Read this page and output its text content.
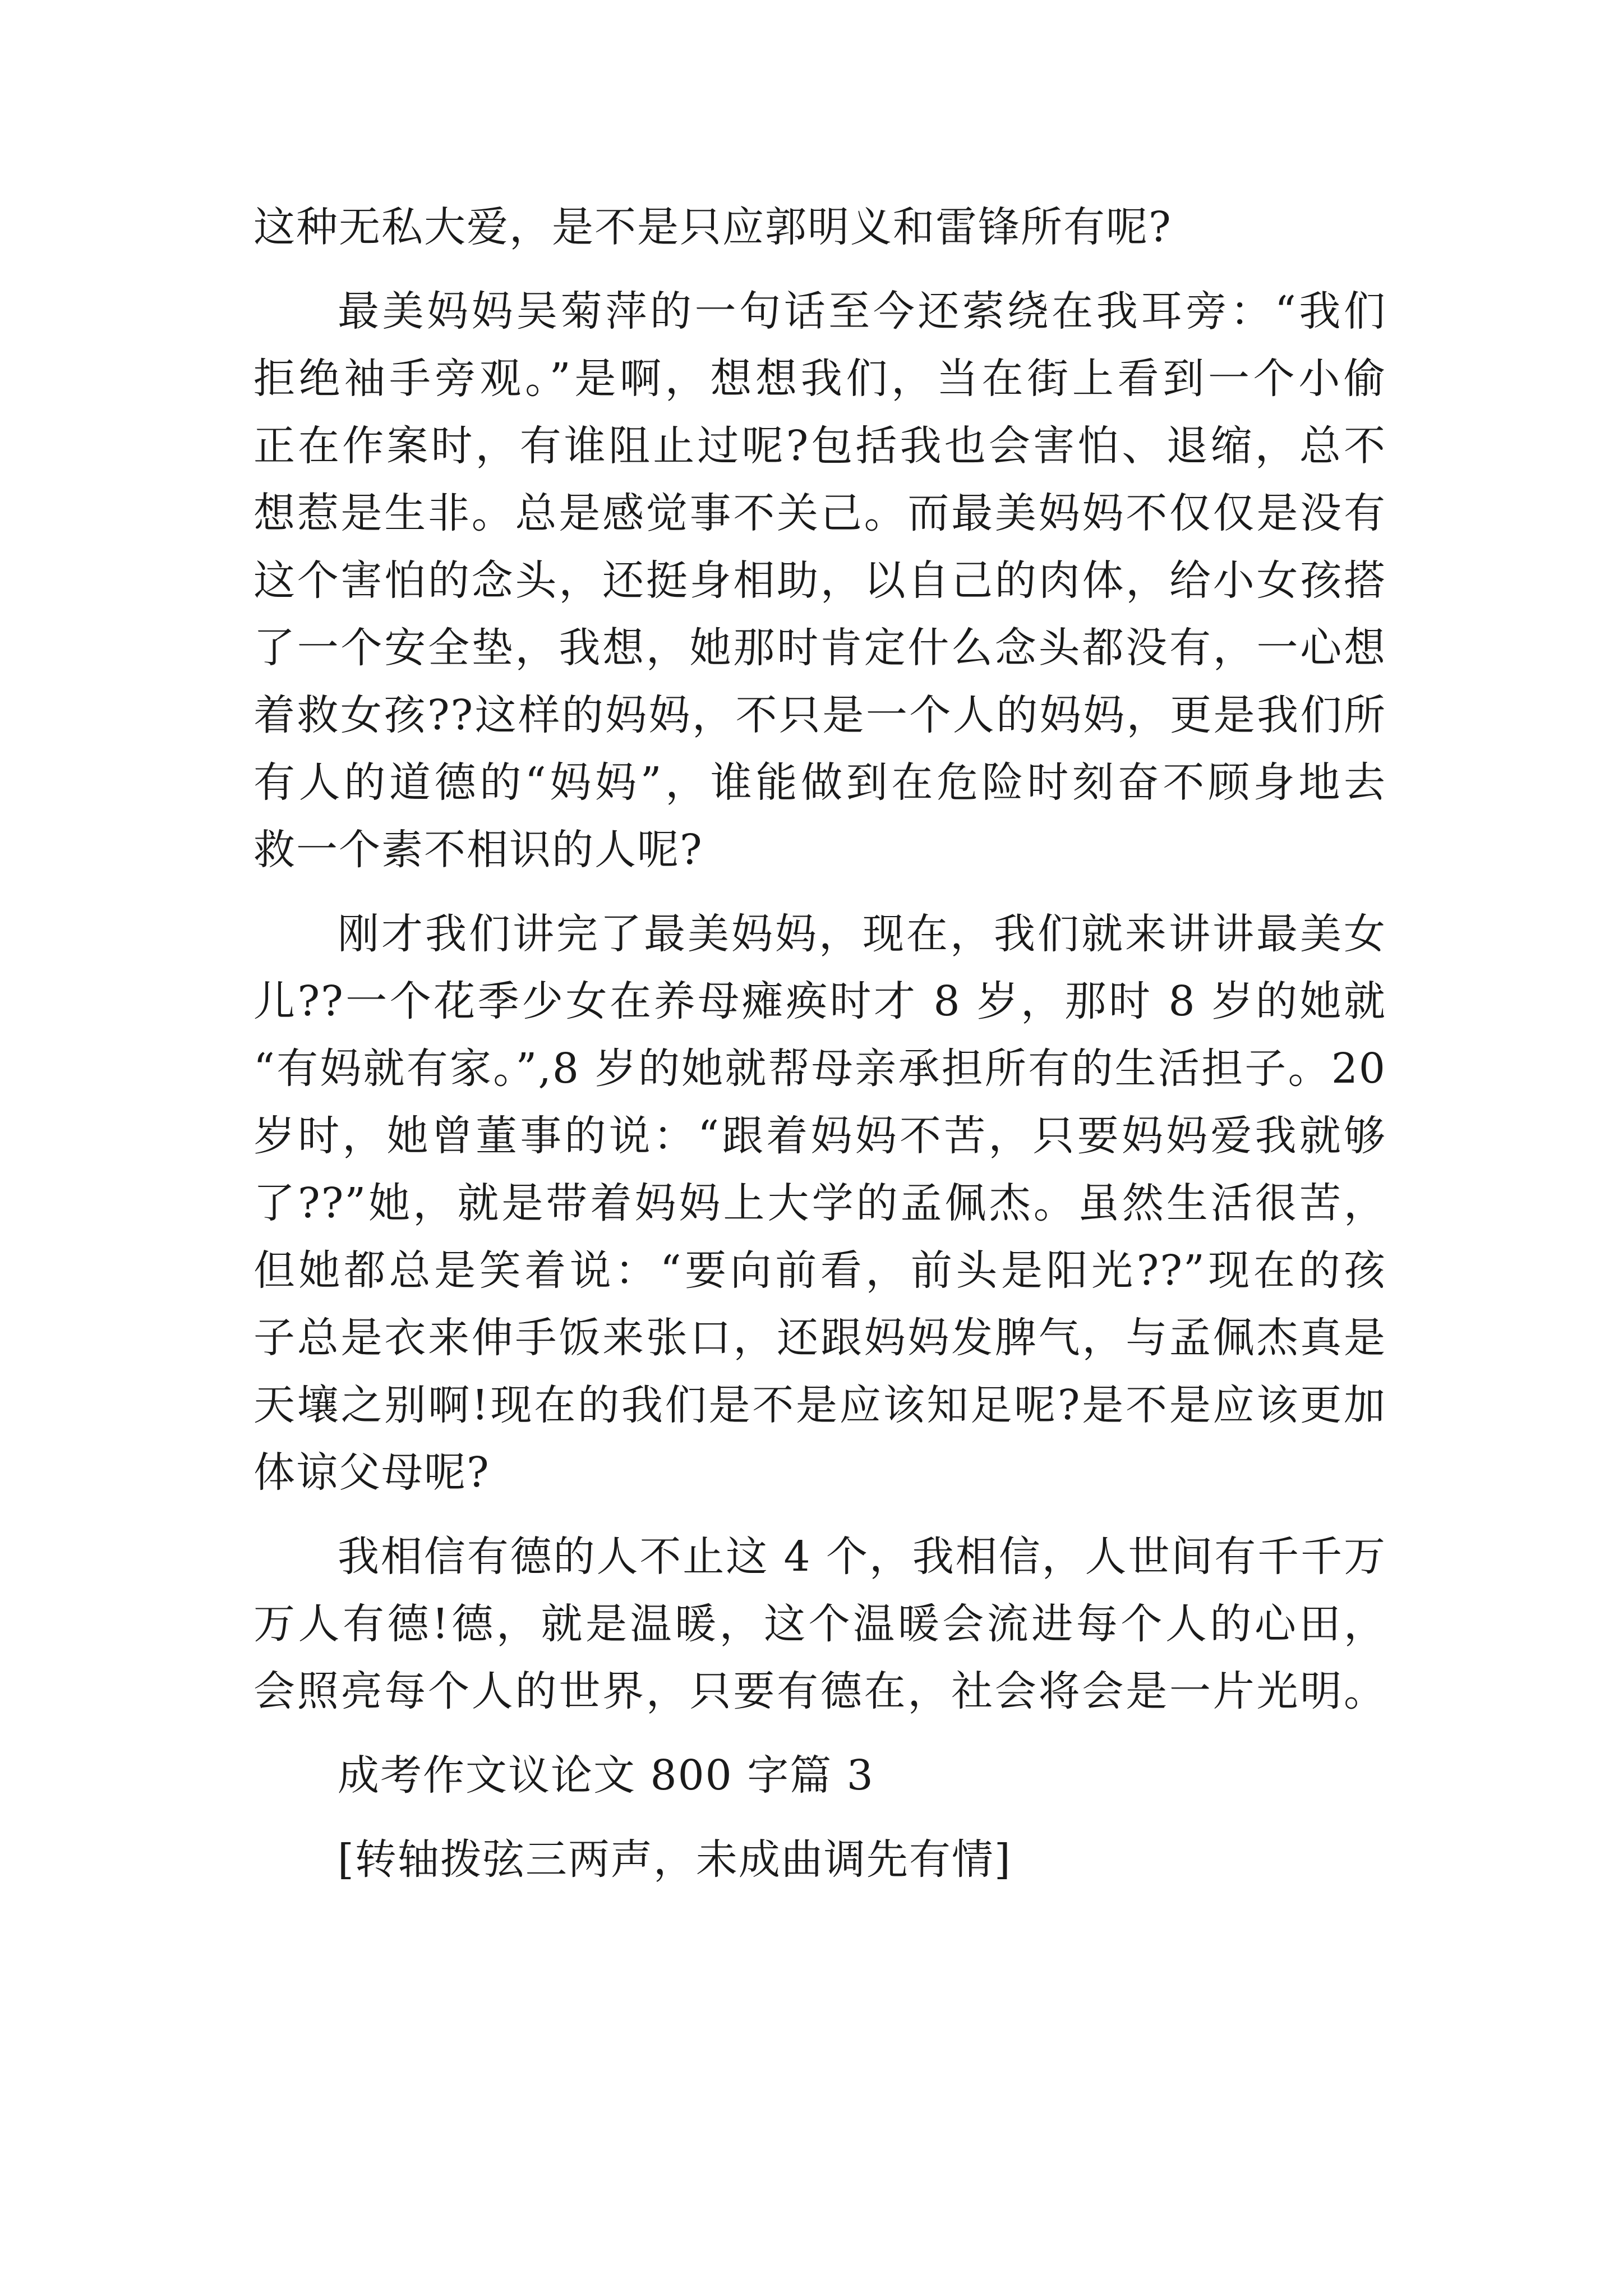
这种无私大爱，是不是只应郭明义和雷锋所有呢?
最美妈妈吴菊萍的一句话至今还萦绕在我耳旁：“我们
拒绝袖手旁观。”是啊，想想我们，当在街上看到一个小偷
正在作案时，有谁阻止过呢?包括我也会害怕、退缩，总不
想惹是生非。总是感觉事不关己。而最美妈妈不仅仅是没有
这个害怕的念头，还挺身相助，以自己的肉体，给小女孩搭
了一个安全垫，我想，她那时肯定什么念头都没有，一心想
着救女孩??这样的妈妈，不只是一个人的妈妈，更是我们所
有人的道德的“妈妈”，谁能做到在危险时刻奋不顾身地去
救一个素不相识的人呢?
刚才我们讲完了最美妈妈，现在，我们就来讲讲最美女
儿??一个花季少女在养母瘫痪时才 8 岁，那时 8 岁的她就
“有妈就有家。”,8 岁的她就帮母亲承担所有的生活担子。20
岁时，她曾董事的说：“跟着妈妈不苦，只要妈妈爱我就够
了??”她，就是带着妈妈上大学的孟佩杰。虽然生活很苦，
但她都总是笑着说：“要向前看，前头是阳光??”现在的孩
子总是衣来伸手饭来张口，还跟妈妈发脾气，与孟佩杰真是
天壤之别啊!现在的我们是不是应该知足呢?是不是应该更加
体谅父母呢?
我相信有德的人不止这 4 个，我相信，人世间有千千万
万人有德!德，就是温暖，这个温暖会流进每个人的心田，
会照亮每个人的世界，只要有德在，社会将会是一片光明。
成考作文议论文 800 字篇 3
[转轴拨弦三两声，未成曲调先有情]
